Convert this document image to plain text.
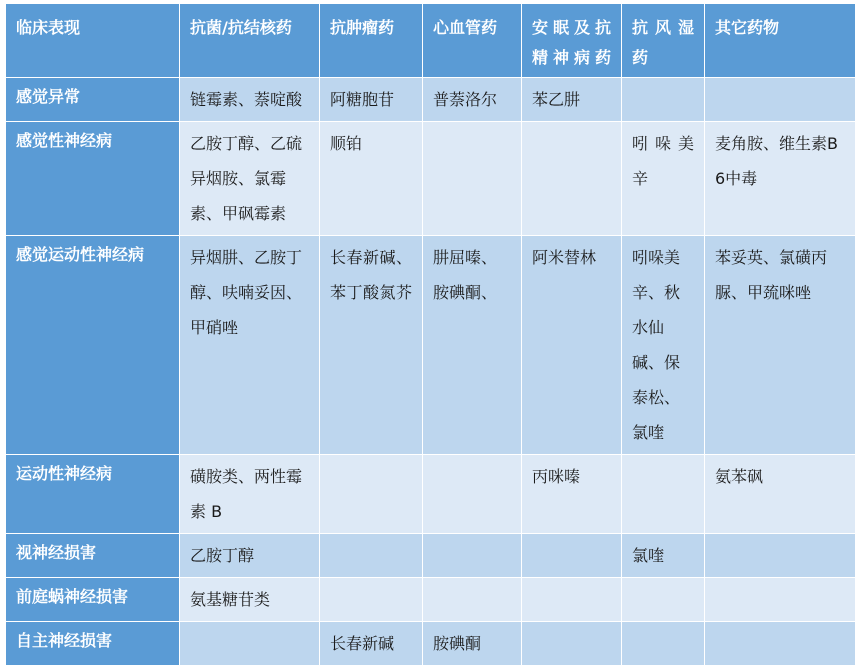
临床表现	抗菌/抗结核药	抗肿瘤药	心血管药	安眠及抗精神病药	抗风湿药	其它药物
感觉异常	链霉素、萘啶酸	阿糖胞苷	普萘洛尔	苯乙肼		
感觉性神经病	乙胺丁醇、乙硫异烟胺、氯霉素、甲砜霉素	顺铂			吲哚美辛	麦角胺、维生素B6中毒
感觉运动性神经病	异烟肼、乙胺丁醇、呋喃妥因、甲硝唑	长春新碱、苯丁酸氮芥	肼屈嗪、胺碘酮、	阿米替林	吲哚美辛、秋水仙碱、保泰松、氯喹	苯妥英、氯磺丙脲、甲巯咪唑
运动性神经病	磺胺类、两性霉素 B			丙咪嗪		氨苯砜
视神经损害	乙胺丁醇				氯喹	
前庭蜗神经损害	氨基糖苷类					
自主神经损害		长春新碱	胺碘酮			
